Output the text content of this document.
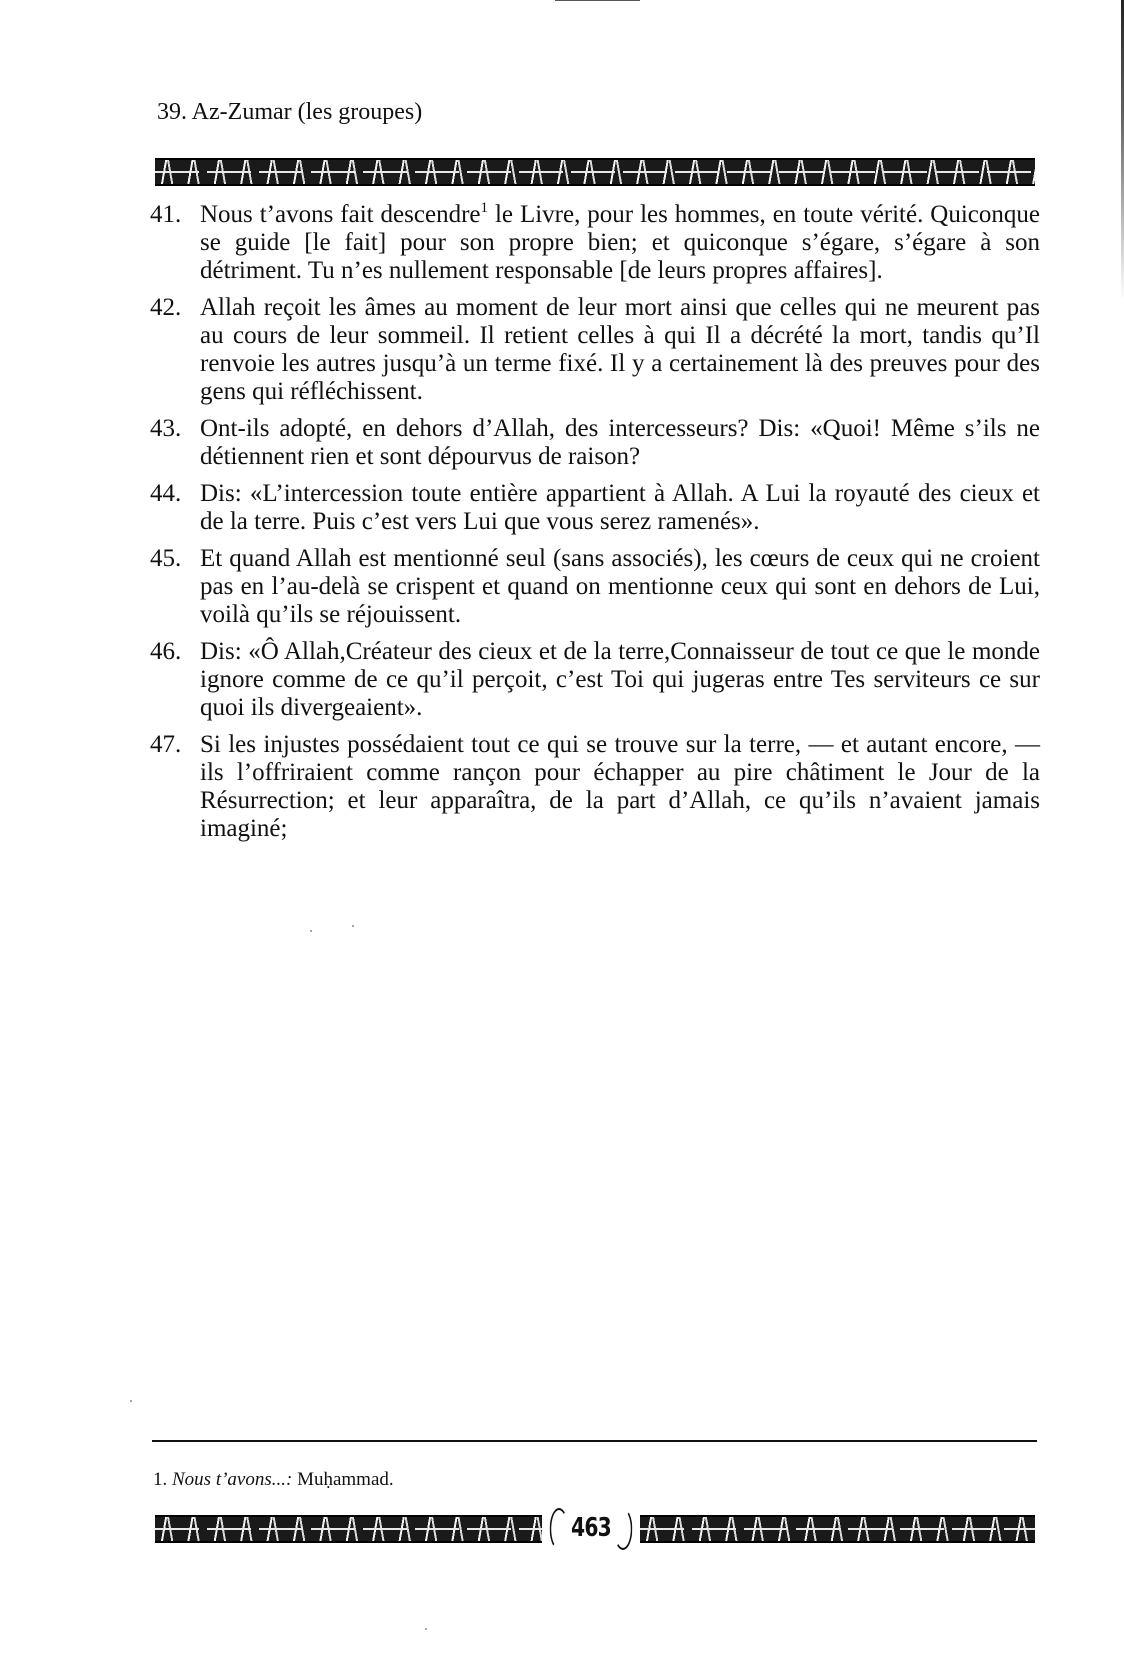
39. Az-Zumar (les groupes)
41. Nous t’avons fait descendre$^1$ le Livre, pour les hommes, en toute vérité. Quiconque se guide [le fait] pour son propre bien; et quiconque s’égare, s’égare à son détriment. Tu n’es nullement responsable [de leurs propres affaires].
42. Allah reçoit les âmes au moment de leur mort ainsi que celles qui ne meurent pas au cours de leur sommeil. Il retient celles à qui Il a décrété la mort, tandis qu’Il renvoie les autres jusqu’à un terme fixé. Il y a certainement là des preuves pour des gens qui réfléchissent.
43. Ont-ils adopté, en dehors d’Allah, des intercesseurs? Dis: «Quoi! Même s’ils ne détiennent rien et sont dépourvus de raison?
44. Dis: «L’intercession toute entière appartient à Allah. A Lui la royauté des cieux et de la terre. Puis c’est vers Lui que vous serez ramenés».
45. Et quand Allah est mentionné seul (sans associés), les cœurs de ceux qui ne croient pas en l’au-delà se crispent et quand on mentionne ceux qui sont en dehors de Lui, voilà qu’ils se réjouissent.
46. Dis: «Ô Allah,Créateur des cieux et de la terre,Connaisseur de tout ce que le monde ignore comme de ce qu’il perçoit, c’est Toi qui jugeras entre Tes serviteurs ce sur quoi ils divergeaient».
47. Si les injustes possédaient tout ce qui se trouve sur la terre, — et autant encore, — ils l’offriraient comme rançon pour échapper au pire châtiment le Jour de la Résurrection; et leur apparaîtra, de la part d’Allah, ce qu’ils n’avaient jamais imaginé;
1. Nous t’avons...: Muḥammad.
463
